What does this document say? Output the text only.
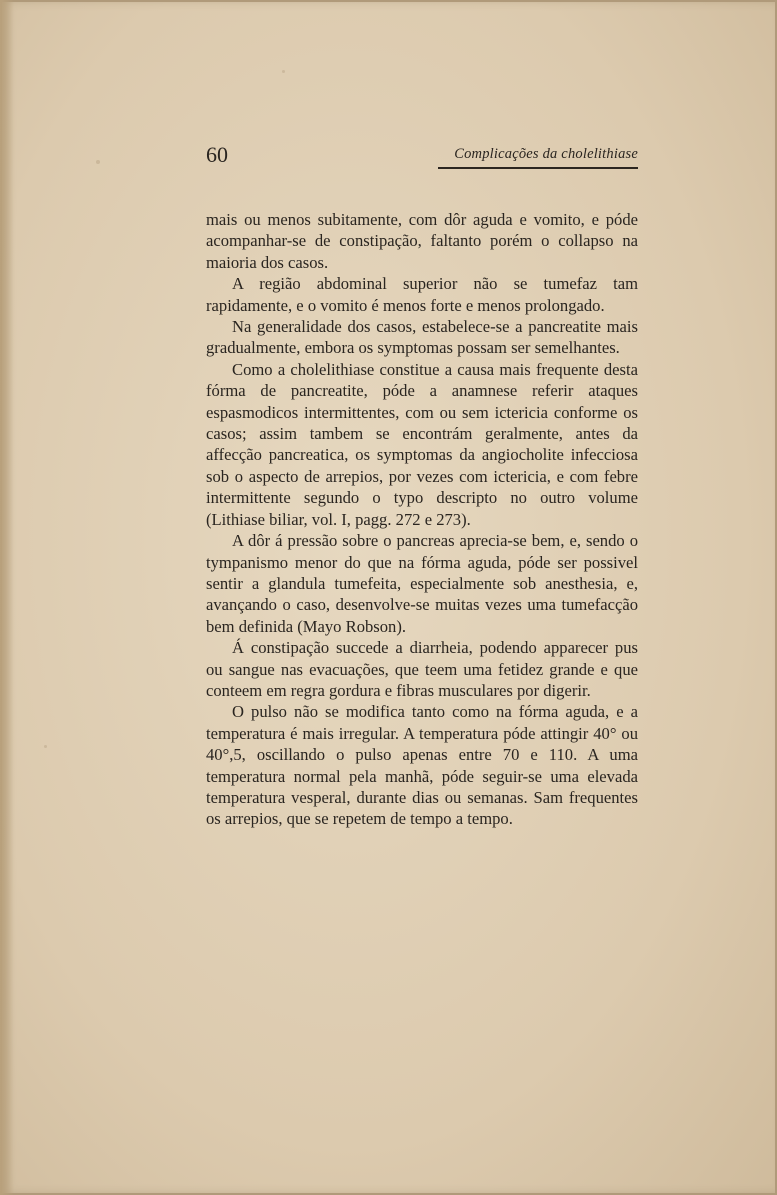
60	Complicações da cholelithiase

mais ou menos subitamente, com dôr aguda e vomito, e póde acompanhar-se de constipação, faltanto porém o collapso na maioria dos casos.

A região abdominal superior não se tumefaz tam rapidamente, e o vomito é menos forte e menos prolongado.

Na generalidade dos casos, estabelece-se a pancreatite mais gradualmente, embora os symptomas possam ser semelhantes.

Como a cholelithiase constitue a causa mais frequente desta fórma de pancreatite, póde a anamnese referir ataques espasmodicos intermittentes, com ou sem ictericia conforme os casos; assim tambem se encontrám geralmente, antes da affecção pancreatica, os symptomas da angiocholite infecciosa sob o aspecto de arrepios, por vezes com ictericia, e com febre intermittente segundo o typo descripto no outro volume (Lithiase biliar, vol. I, pagg. 272 e 273).

A dôr á pressão sobre o pancreas aprecia-se bem, e, sendo o tympanismo menor do que na fórma aguda, póde ser possivel sentir a glandula tumefeita, especialmente sob anesthesia, e, avançando o caso, desenvolve-se muitas vezes uma tumefacção bem definida (Mayo Robson).

Á constipação succede a diarrheia, podendo apparecer pus ou sangue nas evacuações, que teem uma fetidez grande e que conteem em regra gordura e fibras musculares por digerir.

O pulso não se modifica tanto como na fórma aguda, e a temperatura é mais irregular. A temperatura póde attingir 40° ou 40°,5, oscillando o pulso apenas entre 70 e 110. A uma temperatura normal pela manhã, póde seguir-se uma elevada temperatura vesperal, durante dias ou semanas. Sam frequentes os arrepios, que se repetem de tempo a tempo.
